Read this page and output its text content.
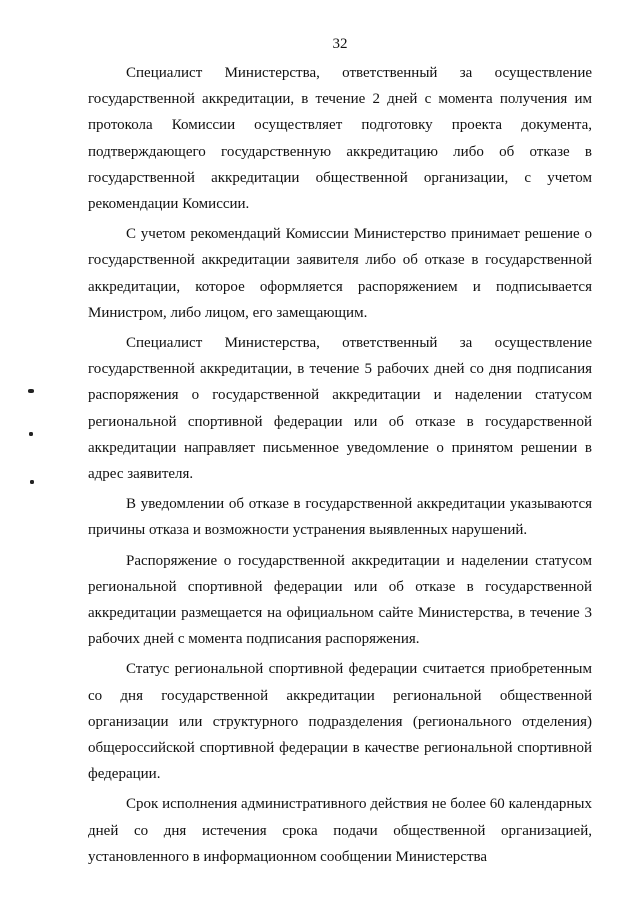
32

Специалист Министерства, ответственный за осуществление государственной аккредитации, в течение 2 дней с момента получения им протокола Комиссии осуществляет подготовку проекта документа, подтверждающего государственную аккредитацию либо об отказе в государственной аккредитации общественной организации, с учетом рекомендации Комиссии.

С учетом рекомендаций Комиссии Министерство принимает решение о государственной аккредитации заявителя либо об отказе в государственной аккредитации, которое оформляется распоряжением и подписывается Министром, либо лицом, его замещающим.

Специалист Министерства, ответственный за осуществление государственной аккредитации, в течение 5 рабочих дней со дня подписания распоряжения о государственной аккредитации и наделении статусом региональной спортивной федерации или об отказе в государственной аккредитации направляет письменное уведомление о принятом решении в адрес заявителя.

В уведомлении об отказе в государственной аккредитации указываются причины отказа и возможности устранения выявленных нарушений.

Распоряжение о государственной аккредитации и наделении статусом региональной спортивной федерации или об отказе в государственной аккредитации размещается на официальном сайте Министерства, в течение 3 рабочих дней с момента подписания распоряжения.

Статус региональной спортивной федерации считается приобретенным со дня государственной аккредитации региональной общественной организации или структурного подразделения (регионального отделения) общероссийской спортивной федерации в качестве региональной спортивной федерации.

Срок исполнения административного действия не более 60 календарных дней со дня истечения срока подачи общественной организацией, установленного в информационном сообщении Министерства
